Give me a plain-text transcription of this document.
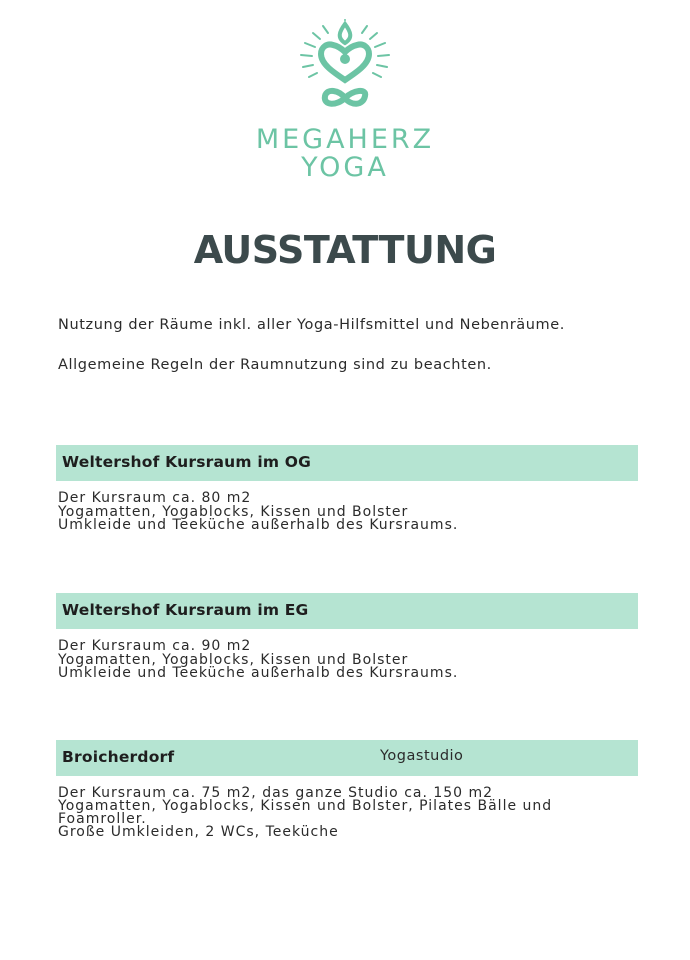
MEGAHERZ
YOGA
AUSSTATTUNG
Nutzung der Räume inkl. aller Yoga-Hilfsmittel und Nebenräume.
Allgemeine Regeln der Raumnutzung sind zu beachten.
Weltershof Kursraum im OG
Der Kursraum ca. 80 m2
Yogamatten, Yogablocks, Kissen und Bolster
Umkleide und Teeküche außerhalb des Kursraums.
Weltershof Kursraum im EG
Der Kursraum ca. 90 m2
Yogamatten, Yogablocks, Kissen und Bolster
Umkleide und Teeküche außerhalb des Kursraums.
Broicherdorf	Yogastudio
Der Kursraum ca. 75 m2, das ganze Studio ca. 150 m2
Yogamatten, Yogablocks, Kissen und Bolster, Pilates Bälle und
Foamroller.
Große Umkleiden, 2 WCs, Teeküche
